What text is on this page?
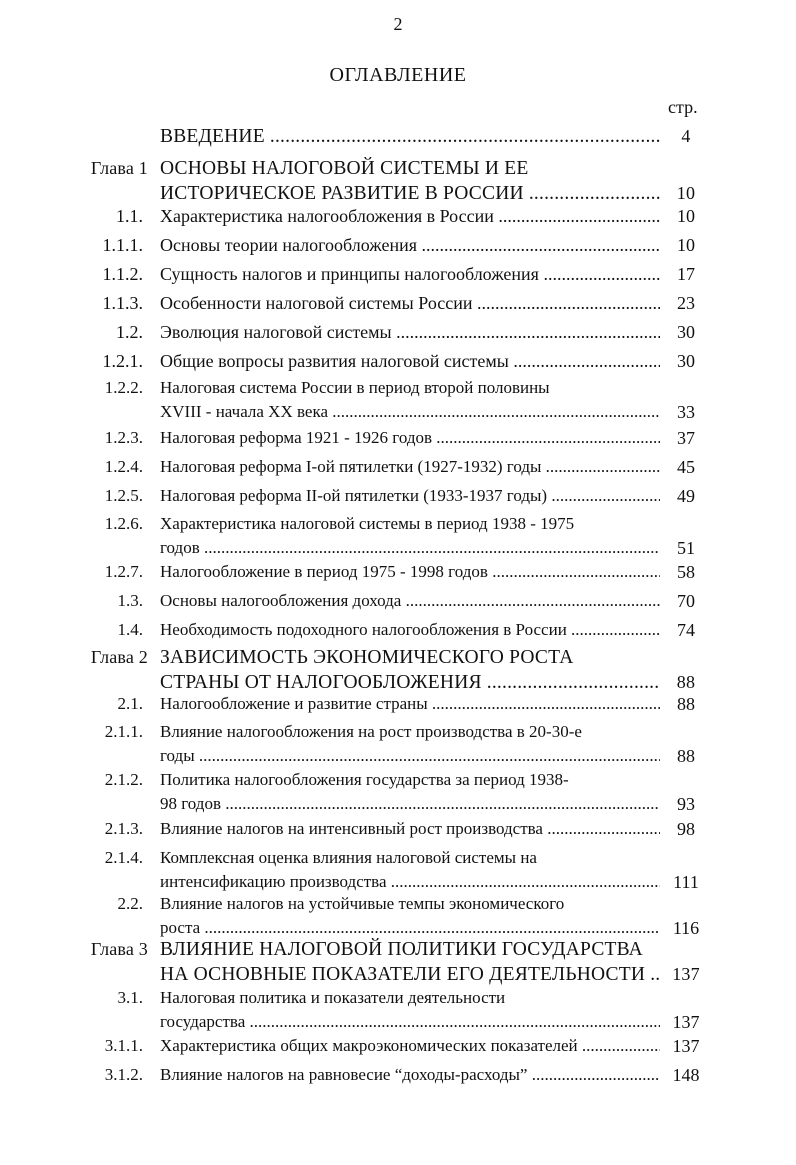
2
ОГЛАВЛЕНИЕ
стр.
ВВЕДЕНИЕ .....	4
Глава 1 ОСНОВЫ НАЛОГОВОЙ СИСТЕМЫ И ЕЕ
ИСТОРИЧЕСКОЕ РАЗВИТИЕ В РОССИИ .....	10
1.1. Характеристика налогообложения в России .....	10
1.1.1. Основы теории налогообложения .....	10
1.1.2. Сущность налогов и принципы налогообложения .....	17
1.1.3. Особенности налоговой системы России .....	23
1.2. Эволюция налоговой системы .....	30
1.2.1. Общие вопросы развития налоговой системы .....	30
1.2.2. Налоговая система России в период второй половины
XVIII - начала XX века .....	33
1.2.3. Налоговая реформа 1921 - 1926 годов .....	37
1.2.4. Налоговая реформа I-ой пятилетки (1927-1932) годы .....	45
1.2.5. Налоговая реформа II-ой пятилетки (1933-1937 годы) .....	49
1.2.6. Характеристика налоговой системы в период 1938 - 1975
годов .....	51
1.2.7. Налогообложение в период 1975 - 1998 годов .....	58
1.3. Основы налогообложения дохода .....	70
1.4. Необходимость подоходного налогообложения в России .....	74
Глава 2 ЗАВИСИМОСТЬ ЭКОНОМИЧЕСКОГО РОСТА
СТРАНЫ ОТ НАЛОГООБЛОЖЕНИЯ .....	88
2.1. Налогообложение и развитие страны .....	88
2.1.1. Влияние налогообложения на рост производства в 20-30-е
годы .....	88
2.1.2. Политика налогообложения государства за период 1938-
98 годов .....	93
2.1.3. Влияние налогов на интенсивный рост производства .....	98
2.1.4. Комплексная оценка влияния налоговой системы на
интенсификацию производства .....	111
2.2. Влияние налогов на устойчивые темпы экономического
роста .....	116
Глава 3 ВЛИЯНИЕ НАЛОГОВОЙ ПОЛИТИКИ ГОСУДАРСТВА
НА ОСНОВНЫЕ ПОКАЗАТЕЛИ ЕГО ДЕЯТЕЛЬНОСТИ .....	137
3.1. Налоговая политика и показатели деятельности
государства .....	137
3.1.1. Характеристика общих макроэкономических показателей .....	137
3.1.2. Влияние налогов на равновесие “доходы-расходы” .....	148
